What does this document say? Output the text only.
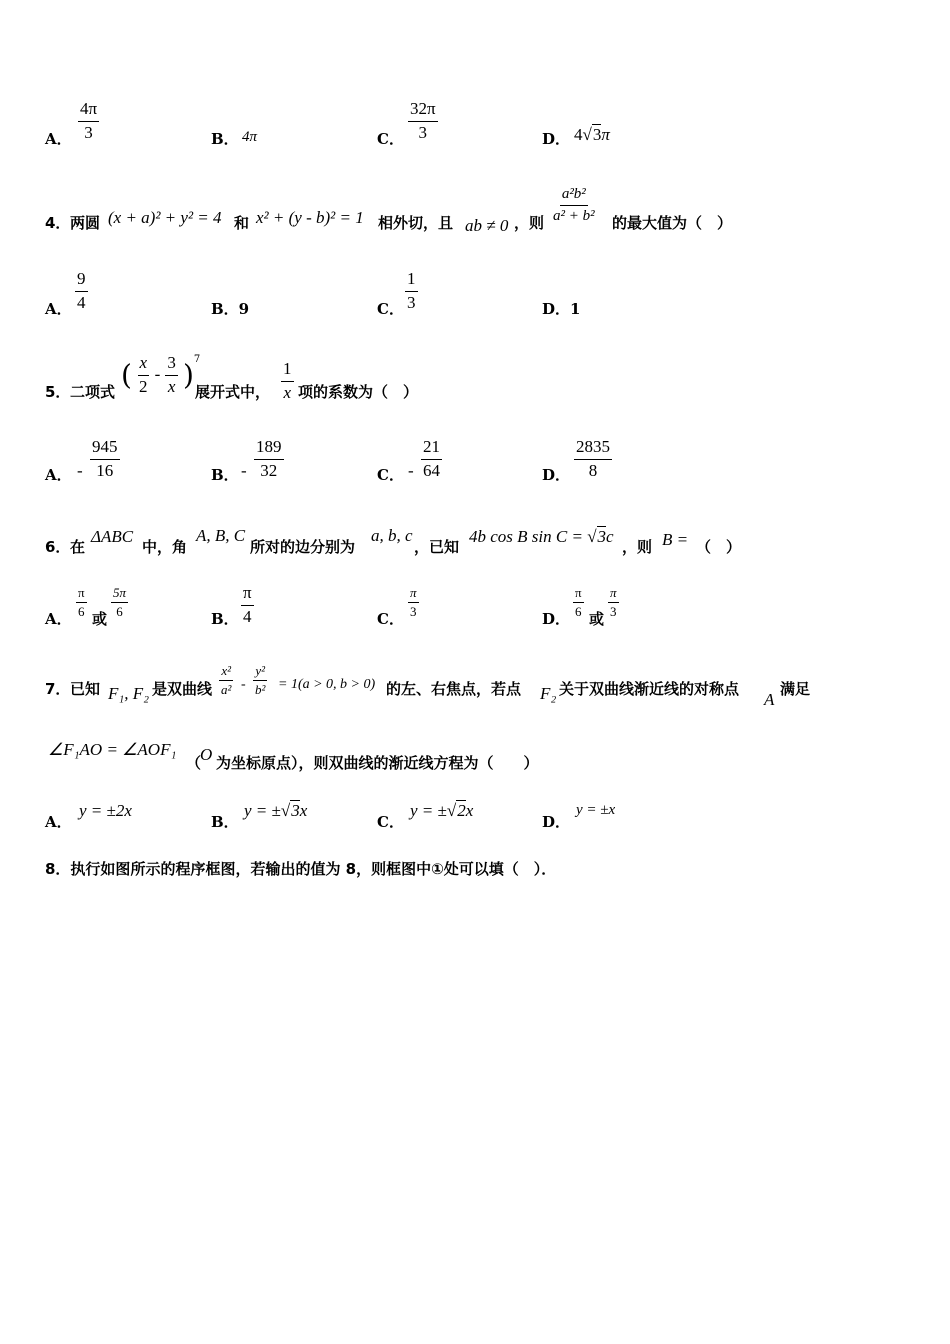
A． $\frac{4\pi}{3}$	B． 4π	C． $\frac{32\pi}{3}$	D． 4√3π
4． 两圆 (x + a)² + y² = 4 和 x² + (y - b)² = 1 相外切，且 ab ≠ 0 ，则 $\frac{\text{a²b²}}{\text{a² + b²}}$ 的最大值为（　）
A． $\frac{9}{4}$	B．9	C． $\frac{1}{3}$	D．1
5． 二项式
( $\frac{x}{2} - \frac{3}{x} )^7$
展开式中， $\frac{1}{x}$ 项的系数为（　）
A． - $\frac{945}{16}$	B． - $\frac{189}{32}$	C． - $\frac{21}{64}$	D． $\frac{2835}{8}$
6． 在
ΔABC
中，角
A, B, C
所对的边分别为
a, b, c
，已知
4b cos B sin C = √3c
，则 B = （　）
A． $\frac{\pi}{6}$ 或 $\frac{5\pi}{6}$	B． $\frac{\pi}{4}$	C． $\frac{\pi}{3}$	D． $\frac{\pi}{6}$ 或 $\frac{\pi}{3}$
7． 已知 F₁, F₂ 是双曲线 $\frac{\text{x²}}{\text{a²}} - \frac{\text{y²}}{\text{b²}} = 1(a > 0$, b > 0) 的左、右焦点，若点 F₂ 关于双曲线渐近线的对称点
A
满足
∠F₁AO = ∠AOF₁
（
O 为坐标原点），则双曲线的渐近线方程为（　　）
A．
y = ±2x
B．
y = ±√3x
C．
y = ±√2x
D．
y = ±x
8．执行如图所示的程序框图，若输出的值为 8，则框图中①处可以填（　）．
